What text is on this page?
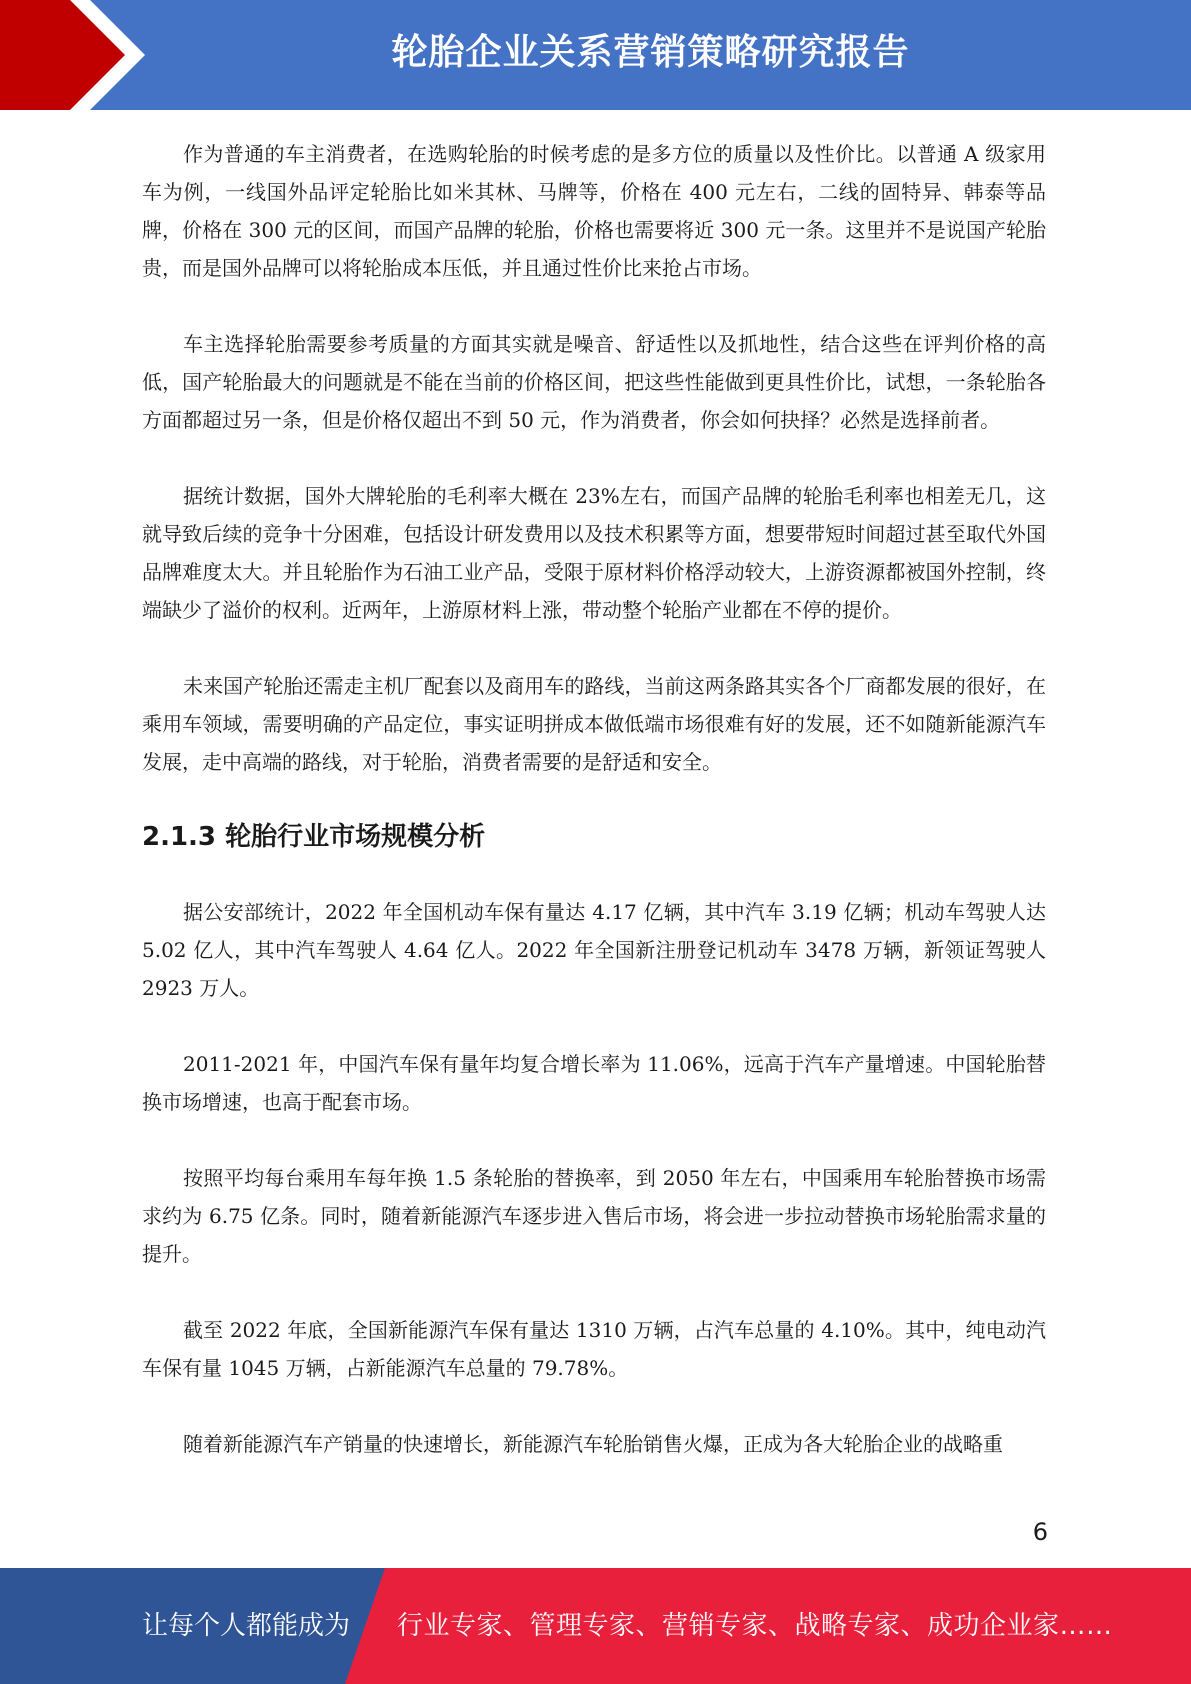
轮胎企业关系营销策略研究报告

作为普通的车主消费者，在选购轮胎的时候考虑的是多方位的质量以及性价比。以普通 A 级家用车为例，一线国外品评定轮胎比如米其林、马牌等，价格在 400 元左右，二线的固特异、韩泰等品牌，价格在 300 元的区间，而国产品牌的轮胎，价格也需要将近 300 元一条。这里并不是说国产轮胎贵，而是国外品牌可以将轮胎成本压低，并且通过性价比来抢占市场。

车主选择轮胎需要参考质量的方面其实就是噪音、舒适性以及抓地性，结合这些在评判价格的高低，国产轮胎最大的问题就是不能在当前的价格区间，把这些性能做到更具性价比，试想，一条轮胎各方面都超过另一条，但是价格仅超出不到 50 元，作为消费者，你会如何抉择？必然是选择前者。

据统计数据，国外大牌轮胎的毛利率大概在 23%左右，而国产品牌的轮胎毛利率也相差无几，这就导致后续的竞争十分困难，包括设计研发费用以及技术积累等方面，想要带短时间超过甚至取代外国品牌难度太大。并且轮胎作为石油工业产品，受限于原材料价格浮动较大，上游资源都被国外控制，终端缺少了溢价的权利。近两年，上游原材料上涨，带动整个轮胎产业都在不停的提价。

未来国产轮胎还需走主机厂配套以及商用车的路线，当前这两条路其实各个厂商都发展的很好，在乘用车领域，需要明确的产品定位，事实证明拼成本做低端市场很难有好的发展，还不如随新能源汽车发展，走中高端的路线，对于轮胎，消费者需要的是舒适和安全。

2.1.3 轮胎行业市场规模分析

据公安部统计，2022 年全国机动车保有量达 4.17 亿辆，其中汽车 3.19 亿辆；机动车驾驶人达 5.02 亿人，其中汽车驾驶人 4.64 亿人。2022 年全国新注册登记机动车 3478 万辆，新领证驾驶人 2923 万人。

2011-2021 年，中国汽车保有量年均复合增长率为 11.06%，远高于汽车产量增速。中国轮胎替换市场增速，也高于配套市场。

按照平均每台乘用车每年换 1.5 条轮胎的替换率，到 2050 年左右，中国乘用车轮胎替换市场需求约为 6.75 亿条。同时，随着新能源汽车逐步进入售后市场，将会进一步拉动替换市场轮胎需求量的提升。

截至 2022 年底，全国新能源汽车保有量达 1310 万辆，占汽车总量的 4.10%。其中，纯电动汽车保有量 1045 万辆，占新能源汽车总量的 79.78%。

随着新能源汽车产销量的快速增长，新能源汽车轮胎销售火爆，正成为各大轮胎企业的战略重

6
让每个人都能成为 行业专家、管理专家、营销专家、战略专家、成功企业家……
